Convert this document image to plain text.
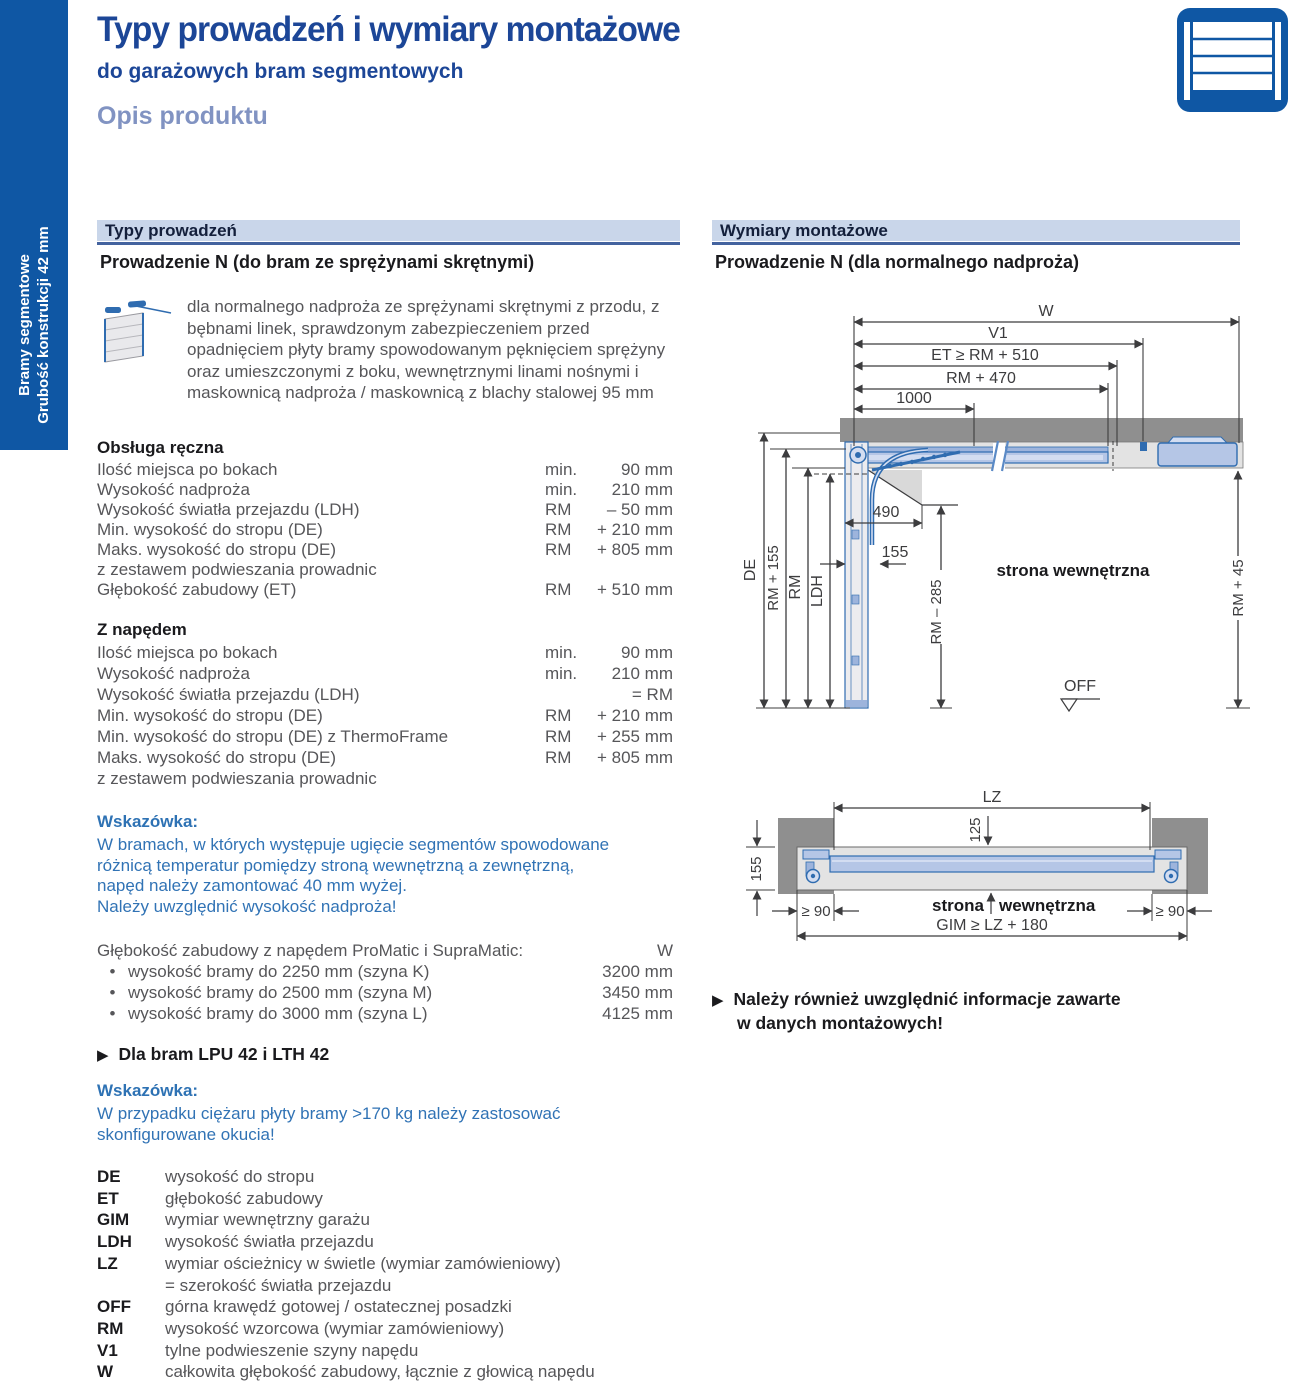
Bramy segmentowe Grubość konstrukcji 42 mm
Typy prowadzeń i wymiary montażowe
do garażowych bram segmentowych
Opis produktu
Typy prowadzeń
Prowadzenie N (do bram ze sprężynami skrętnymi)
dla normalnego nadproża ze sprężynami skrętnymi z przodu, z bębnami linek, sprawdzonym zabezpieczeniem przed opadnięciem płyty bramy spowodowanym pęknięciem sprężyny oraz umieszczonymi z boku, wewnętrznymi linami nośnymi i maskownicą nadproża / maskownicą z blachy stalowej 95 mm
Obsługa ręczna
Ilość miejsca po bokach	min.	90 mm
Wysokość nadproża	min.	210 mm
Wysokość światła przejazdu (LDH)	RM	– 50 mm
Min. wysokość do stropu (DE)	RM	+ 210 mm
Maks. wysokość do stropu (DE)	RM	+ 805 mm
z zestawem podwieszania prowadnic
Głębokość zabudowy (ET)	RM	+ 510 mm
Z napędem
Ilość miejsca po bokach	min.	90 mm
Wysokość nadproża	min.	210 mm
Wysokość światła przejazdu (LDH)	= RM
Min. wysokość do stropu (DE)	RM	+ 210 mm
Min. wysokość do stropu (DE) z ThermoFrame	RM	+ 255 mm
Maks. wysokość do stropu (DE)	RM	+ 805 mm
z zestawem podwieszania prowadnic
Wskazówka:
W bramach, w których występuje ugięcie segmentów spowodowane
różnicą temperatur pomiędzy stroną wewnętrzną a zewnętrzną,
napęd należy zamontować 40 mm wyżej.
Należy uwzględnić wysokość nadproża!
Głębokość zabudowy z napędem ProMatic i SupraMatic:	W
• wysokość bramy do 2250 mm (szyna K)	3200 mm
• wysokość bramy do 2500 mm (szyna M)	3450 mm
• wysokość bramy do 3000 mm (szyna L)	4125 mm
▶ Dla bram LPU 42 i LTH 42
Wskazówka:
W przypadku ciężaru płyty bramy >170 kg należy zastosować
skonfigurowane okucia!
DE	wysokość do stropu
ET	głębokość zabudowy
GIM	wymiar wewnętrzny garażu
LDH	wysokość światła przejazdu
LZ	wymiar ościeżnicy w świetle (wymiar zamówieniowy)
= szerokość światła przejazdu
OFF	górna krawędź gotowej / ostatecznej posadzki
RM	wysokość wzorcowa (wymiar zamówieniowy)
V1	tylne podwieszenie szyny napędu
W	całkowita głębokość zabudowy, łącznie z głowicą napędu
Wymiary montażowe
Prowadzenie N (dla normalnego nadproża)
W
V1
ET ≥ RM + 510
RM + 470
1000
DE RM + 155 RM LDH
490
155
RM – 285	RM + 45
strona wewnętrzna
OFF
LZ
125
155
≥ 90	≥ 90
strona wewnętrzna
GIM ≥ LZ + 180
▶ Należy również uwzględnić informacje zawarte
w danych montażowych!
